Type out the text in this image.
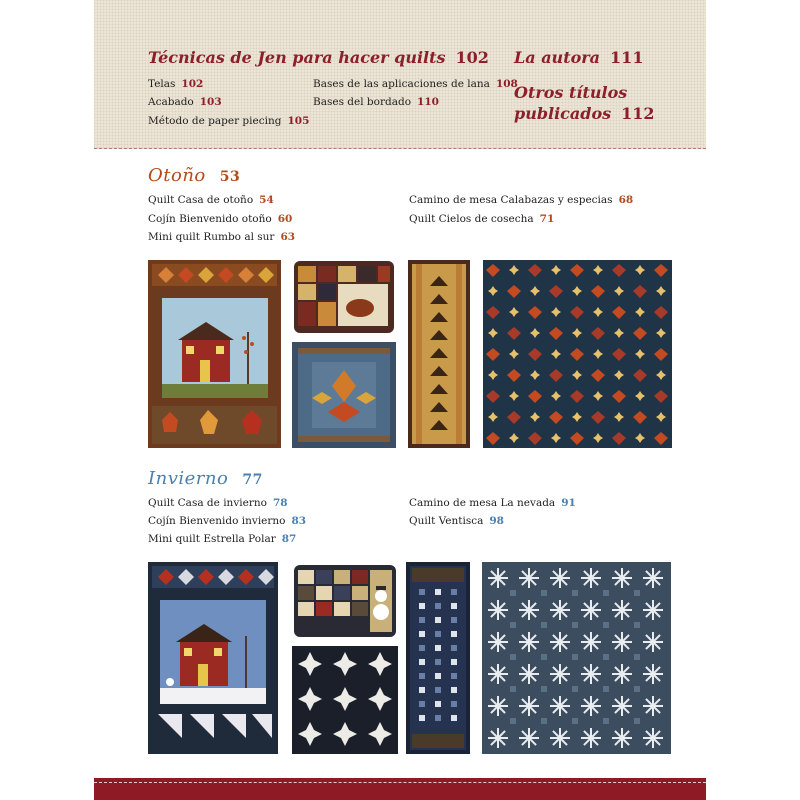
Técnicas de Jen para hacer quilts 102
Telas 102
Acabado 103
Método de paper piecing 105
Bases de las aplicaciones de lana 108
Bases del bordado 110
La autora 111
Otros títulos
publicados 112
Otoño 53
Quilt Casa de otoño 54
Cojín Bienvenido otoño 60
Mini quilt Rumbo al sur 63
Camino de mesa Calabazas y especias 68
Quilt Cielos de cosecha 71
Invierno 77
Quilt Casa de invierno 78
Cojín Bienvenido invierno 83
Mini quilt Estrella Polar 87
Camino de mesa La nevada 91
Quilt Ventisca 98
